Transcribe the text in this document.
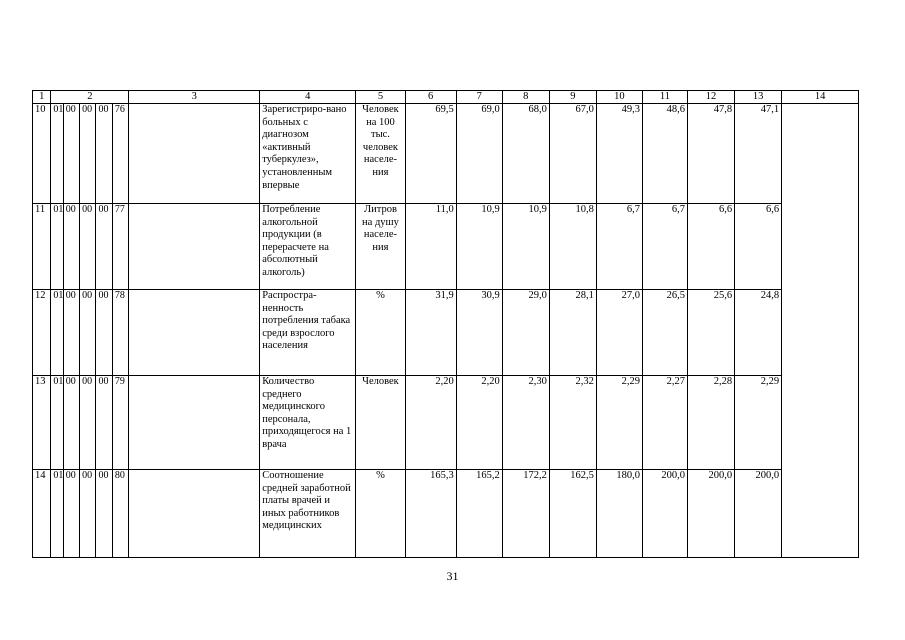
1	2					3	4	5	6	7	8	9	10	11	12	13	14
10	01	00	00	00	76		Зарегистриро-вано больных с диагнозом «активный туберкулез», установленным впервые	Человек на 100 тыс. человек населе-ния	69,5	69,0	68,0	67,0	49,3	48,6	47,8	47,1	
11	01	00	00	00	77		Потребление алкогольной продукции (в перерасчете на абсолютный алкоголь)	Литров на душу населе-ния	11,0	10,9	10,9	10,8	6,7	6,7	6,6	6,6	
12	01	00	00	00	78		Распростра-ненность потребления табака среди взрослого населения	%	31,9	30,9	29,0	28,1	27,0	26,5	25,6	24,8	
13	01	00	00	00	79		Количество среднего медицинского персонала, приходящегося на 1 врача	Человек	2,20	2,20	2,30	2,32	2,29	2,27	2,28	2,29	
14	01	00	00	00	80		Соотношение средней заработной платы врачей и иных работников медицинских	%	165,3	165,2	172,2	162,5	180,0	200,0	200,0	200,0	
31
